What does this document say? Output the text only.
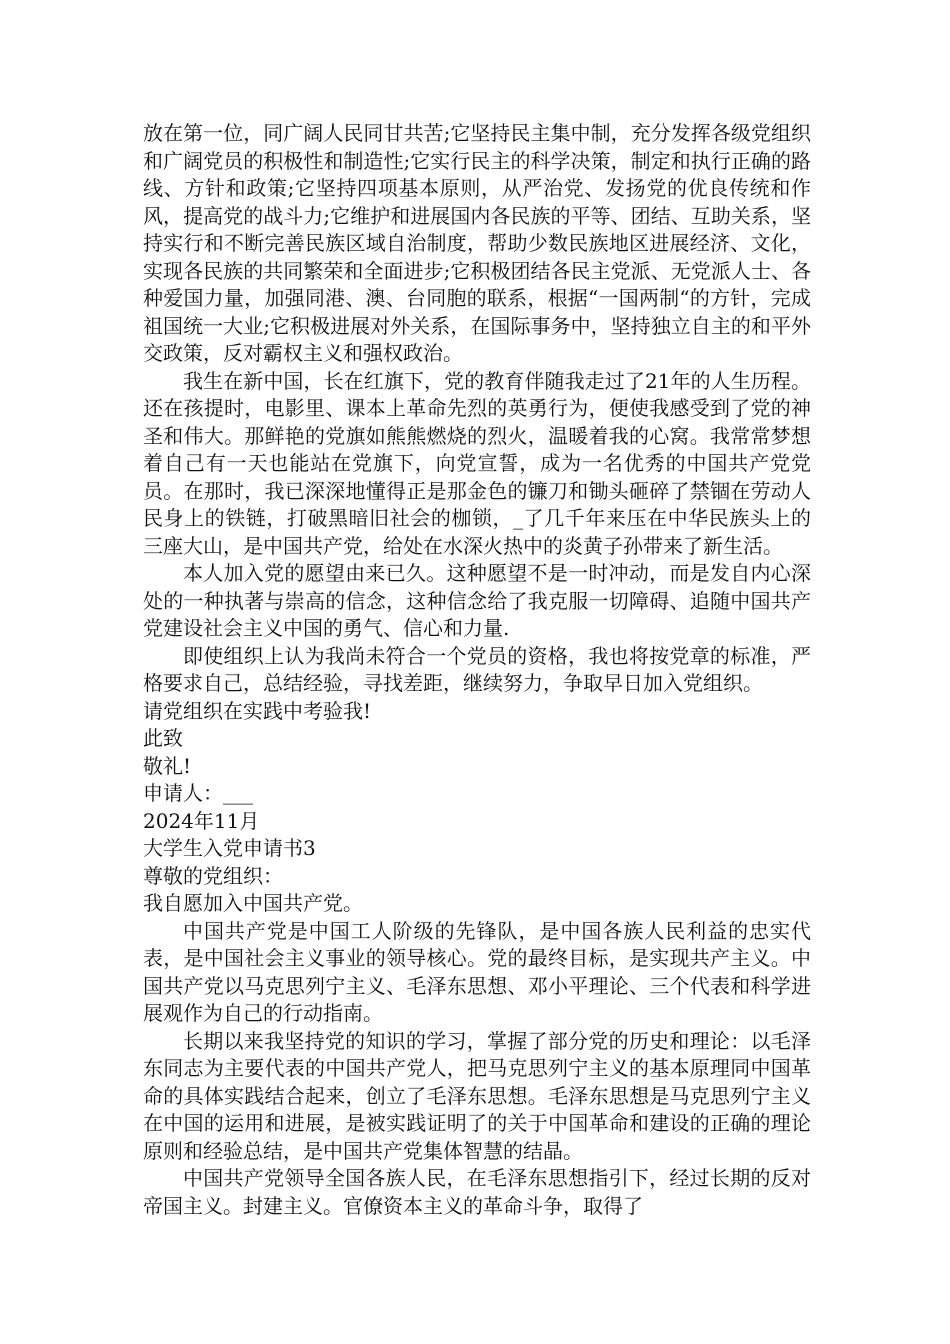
放在第一位，同广阔人民同甘共苦;它坚持民主集中制，充分发挥各级党组织和广阔党员的积极性和制造性;它实行民主的科学决策，制定和执行正确的路线、方针和政策;它坚持四项基本原则，从严治党、发扬党的优良传统和作风，提高党的战斗力;它维护和进展国内各民族的平等、团结、互助关系，坚持实行和不断完善民族区域自治制度，帮助少数民族地区进展经济、文化，实现各民族的共同繁荣和全面进步;它积极团结各民主党派、无党派人士、各种爱国力量，加强同港、澳、台同胞的联系，根据“一国两制“的方针，完成祖国统一大业;它积极进展对外关系，在国际事务中，坚持独立自主的和平外交政策，反对霸权主义和强权政治。

我生在新中国，长在红旗下，党的教育伴随我走过了21年的人生历程。还在孩提时，电影里、课本上革命先烈的英勇行为，便使我感受到了党的神圣和伟大。那鲜艳的党旗如熊熊燃烧的烈火，温暖着我的心窝。我常常梦想着自己有一天也能站在党旗下，向党宣誓，成为一名优秀的中国共产党党员。在那时，我已深深地懂得正是那金色的镰刀和锄头砸碎了禁锢在劳动人民身上的铁链，打破黑暗旧社会的枷锁，_了几千年来压在中华民族头上的三座大山，是中国共产党，给处在水深火热中的炎黄子孙带来了新生活。

本人加入党的愿望由来已久。这种愿望不是一时冲动，而是发自内心深处的一种执著与崇高的信念，这种信念给了我克服一切障碍、追随中国共产党建设社会主义中国的勇气、信心和力量.

即使组织上认为我尚未符合一个党员的资格，我也将按党章的标准，严格要求自己，总结经验，寻找差距，继续努力，争取早日加入党组织。

请党组织在实践中考验我!

此致

敬礼!

申请人：___

2024年11月

大学生入党申请书3

尊敬的党组织：

我自愿加入中国共产党。

中国共产党是中国工人阶级的先锋队，是中国各族人民利益的忠实代表，是中国社会主义事业的领导核心。党的最终目标，是实现共产主义。中国共产党以马克思列宁主义、毛泽东思想、邓小平理论、三个代表和科学进展观作为自己的行动指南。

长期以来我坚持党的知识的学习，掌握了部分党的历史和理论：以毛泽东同志为主要代表的中国共产党人，把马克思列宁主义的基本原理同中国革命的具体实践结合起来，创立了毛泽东思想。毛泽东思想是马克思列宁主义在中国的运用和进展，是被实践证明了的关于中国革命和建设的正确的理论原则和经验总结，是中国共产党集体智慧的结晶。

中国共产党领导全国各族人民，在毛泽东思想指引下，经过长期的反对帝国主义。封建主义。官僚资本主义的革命斗争，取得了
